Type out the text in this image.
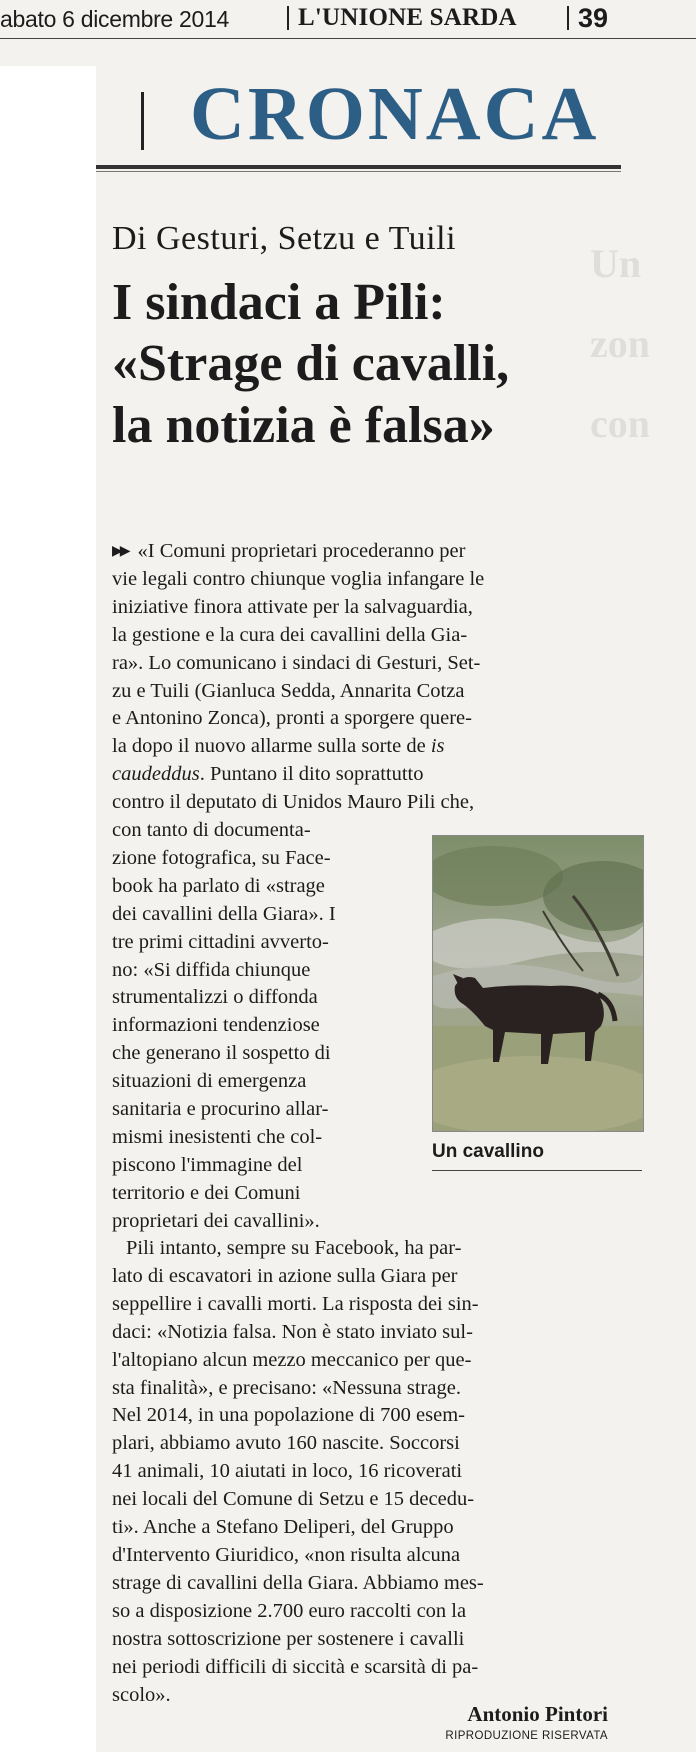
Un
zon
con
abato 6 dicembre 2014	L'UNIONE SARDA 39
CRONACA
Di Gesturi, Setzu e Tuili
I sindaci a Pili:
«Strage di cavalli,
la notizia è falsa»
▶▶ «I Comuni proprietari procederanno per
vie legali contro chiunque voglia infangare le
iniziative finora attivate per la salvaguardia,
la gestione e la cura dei cavallini della Gia-
ra». Lo comunicano i sindaci di Gesturi, Set-
zu e Tuili (Gianluca Sedda, Annarita Cotza
e Antonino Zonca), pronti a sporgere quere-
la dopo il nuovo allarme sulla sorte de is
caudeddus. Puntano il dito soprattutto
contro il deputato di Unidos Mauro Pili che,
con tanto di documenta-
zione fotografica, su Face-
book ha parlato di «strage
dei cavallini della Giara». I
tre primi cittadini avverto-
no: «Si diffida chiunque
strumentalizzi o diffonda
informazioni tendenziose
che generano il sospetto di
situazioni di emergenza
sanitaria e procurino allar-
mismi inesistenti che col-
piscono l'immagine del
territorio e dei Comuni
proprietari dei cavallini».
Un cavallino
Pili intanto, sempre su Facebook, ha par-
lato di escavatori in azione sulla Giara per
seppellire i cavalli morti. La risposta dei sin-
daci: «Notizia falsa. Non è stato inviato sul-
l'altopiano alcun mezzo meccanico per que-
sta finalità», e precisano: «Nessuna strage.
Nel 2014, in una popolazione di 700 esem-
plari, abbiamo avuto 160 nascite. Soccorsi
41 animali, 10 aiutati in loco, 16 ricoverati
nei locali del Comune di Setzu e 15 decedu-
ti». Anche a Stefano Deliperi, del Gruppo
d'Intervento Giuridico, «non risulta alcuna
strage di cavallini della Giara. Abbiamo mes-
so a disposizione 2.700 euro raccolti con la
nostra sottoscrizione per sostenere i cavalli
nei periodi difficili di siccità e scarsità di pa-
scolo».
Antonio Pintori
RIPRODUZIONE RISERVATA
